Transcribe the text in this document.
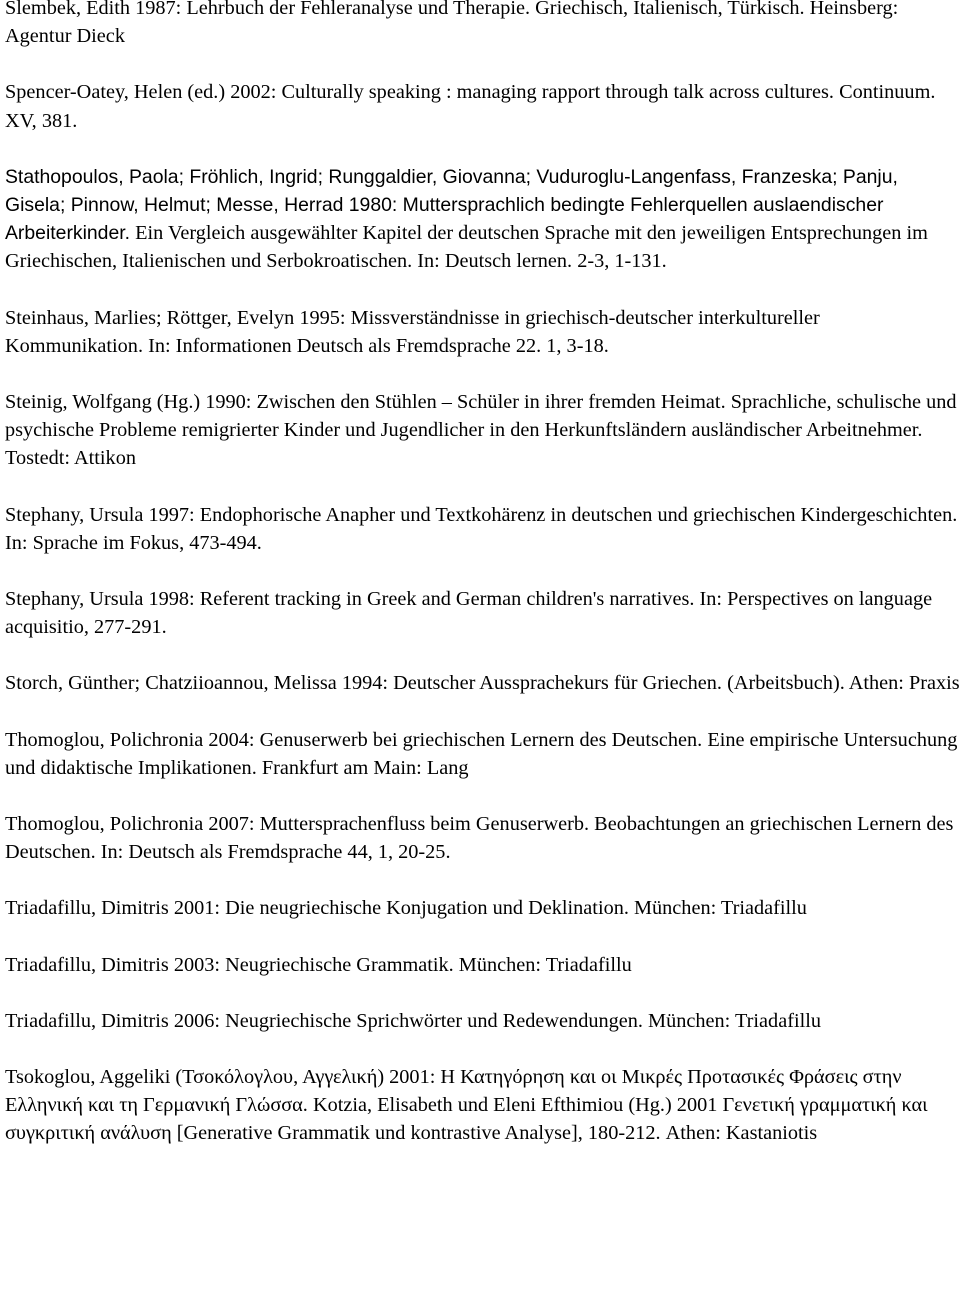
Slembek, Edith 1987: Lehrbuch der Fehleranalyse und Therapie. Griechisch, Italienisch, Türkisch. Heinsberg: Agentur Dieck

Spencer-Oatey, Helen (ed.) 2002: Culturally speaking : managing rapport through talk across cultures. Continuum. XV, 381.

Stathopoulos, Paola; Fröhlich, Ingrid; Runggaldier, Giovanna; Vuduroglu-Langenfass, Franzeska; Panju, Gisela; Pinnow, Helmut; Messe, Herrad 1980: Muttersprachlich bedingte Fehlerquellen auslaendischer Arbeiterkinder. Ein Vergleich ausgewählter Kapitel der deutschen Sprache mit den jeweiligen Entsprechungen im Griechischen, Italienischen und Serbokroatischen. In: Deutsch lernen. 2-3, 1-131.

Steinhaus, Marlies; Röttger, Evelyn 1995: Missverständnisse in griechisch-deutscher interkultureller Kommunikation. In: Informationen Deutsch als Fremdsprache 22. 1, 3-18.

Steinig, Wolfgang (Hg.) 1990: Zwischen den Stühlen – Schüler in ihrer fremden Heimat. Sprachliche, schulische und psychische Probleme remigrierter Kinder und Jugendlicher in den Herkunftsländern ausländischer Arbeitnehmer. Tostedt: Attikon

Stephany, Ursula 1997: Endophorische Anapher und Textkohärenz in deutschen und griechischen Kindergeschichten. In: Sprache im Fokus, 473-494.

Stephany, Ursula 1998: Referent tracking in Greek and German children's narratives. In: Perspectives on language acquisitio, 277-291.

Storch, Günther; Chatziioannou, Melissa 1994: Deutscher Aussprachekurs für Griechen. (Arbeitsbuch). Athen: Praxis

Thomoglou, Polichronia 2004: Genuserwerb bei griechischen Lernern des Deutschen. Eine empirische Untersuchung und didaktische Implikationen. Frankfurt am Main: Lang

Thomoglou, Polichronia 2007: Muttersprachenfluss beim Genuserwerb. Beobachtungen an griechischen Lernern des Deutschen. In: Deutsch als Fremdsprache 44, 1, 20-25.

Triadafillu, Dimitris 2001: Die neugriechische Konjugation und Deklination. München: Triadafillu

Triadafillu, Dimitris 2003: Neugriechische Grammatik. München: Triadafillu

Triadafillu, Dimitris 2006: Neugriechische Sprichwörter und Redewendungen. München: Triadafillu

Tsokoglou, Aggeliki (Τσοκόλογλου, Αγγελική) 2001: Η Κατηγόρηση και οι Μικρές Προτασικές Φράσεις στην Ελληνική και τη Γερμανική Γλώσσα. Kotzia, Elisabeth und Eleni Efthimiou (Hg.) 2001 Γενετική γραμματική και συγκριτική ανάλυση [Generative Grammatik und kontrastive Analyse], 180-212. Athen: Kastaniotis
